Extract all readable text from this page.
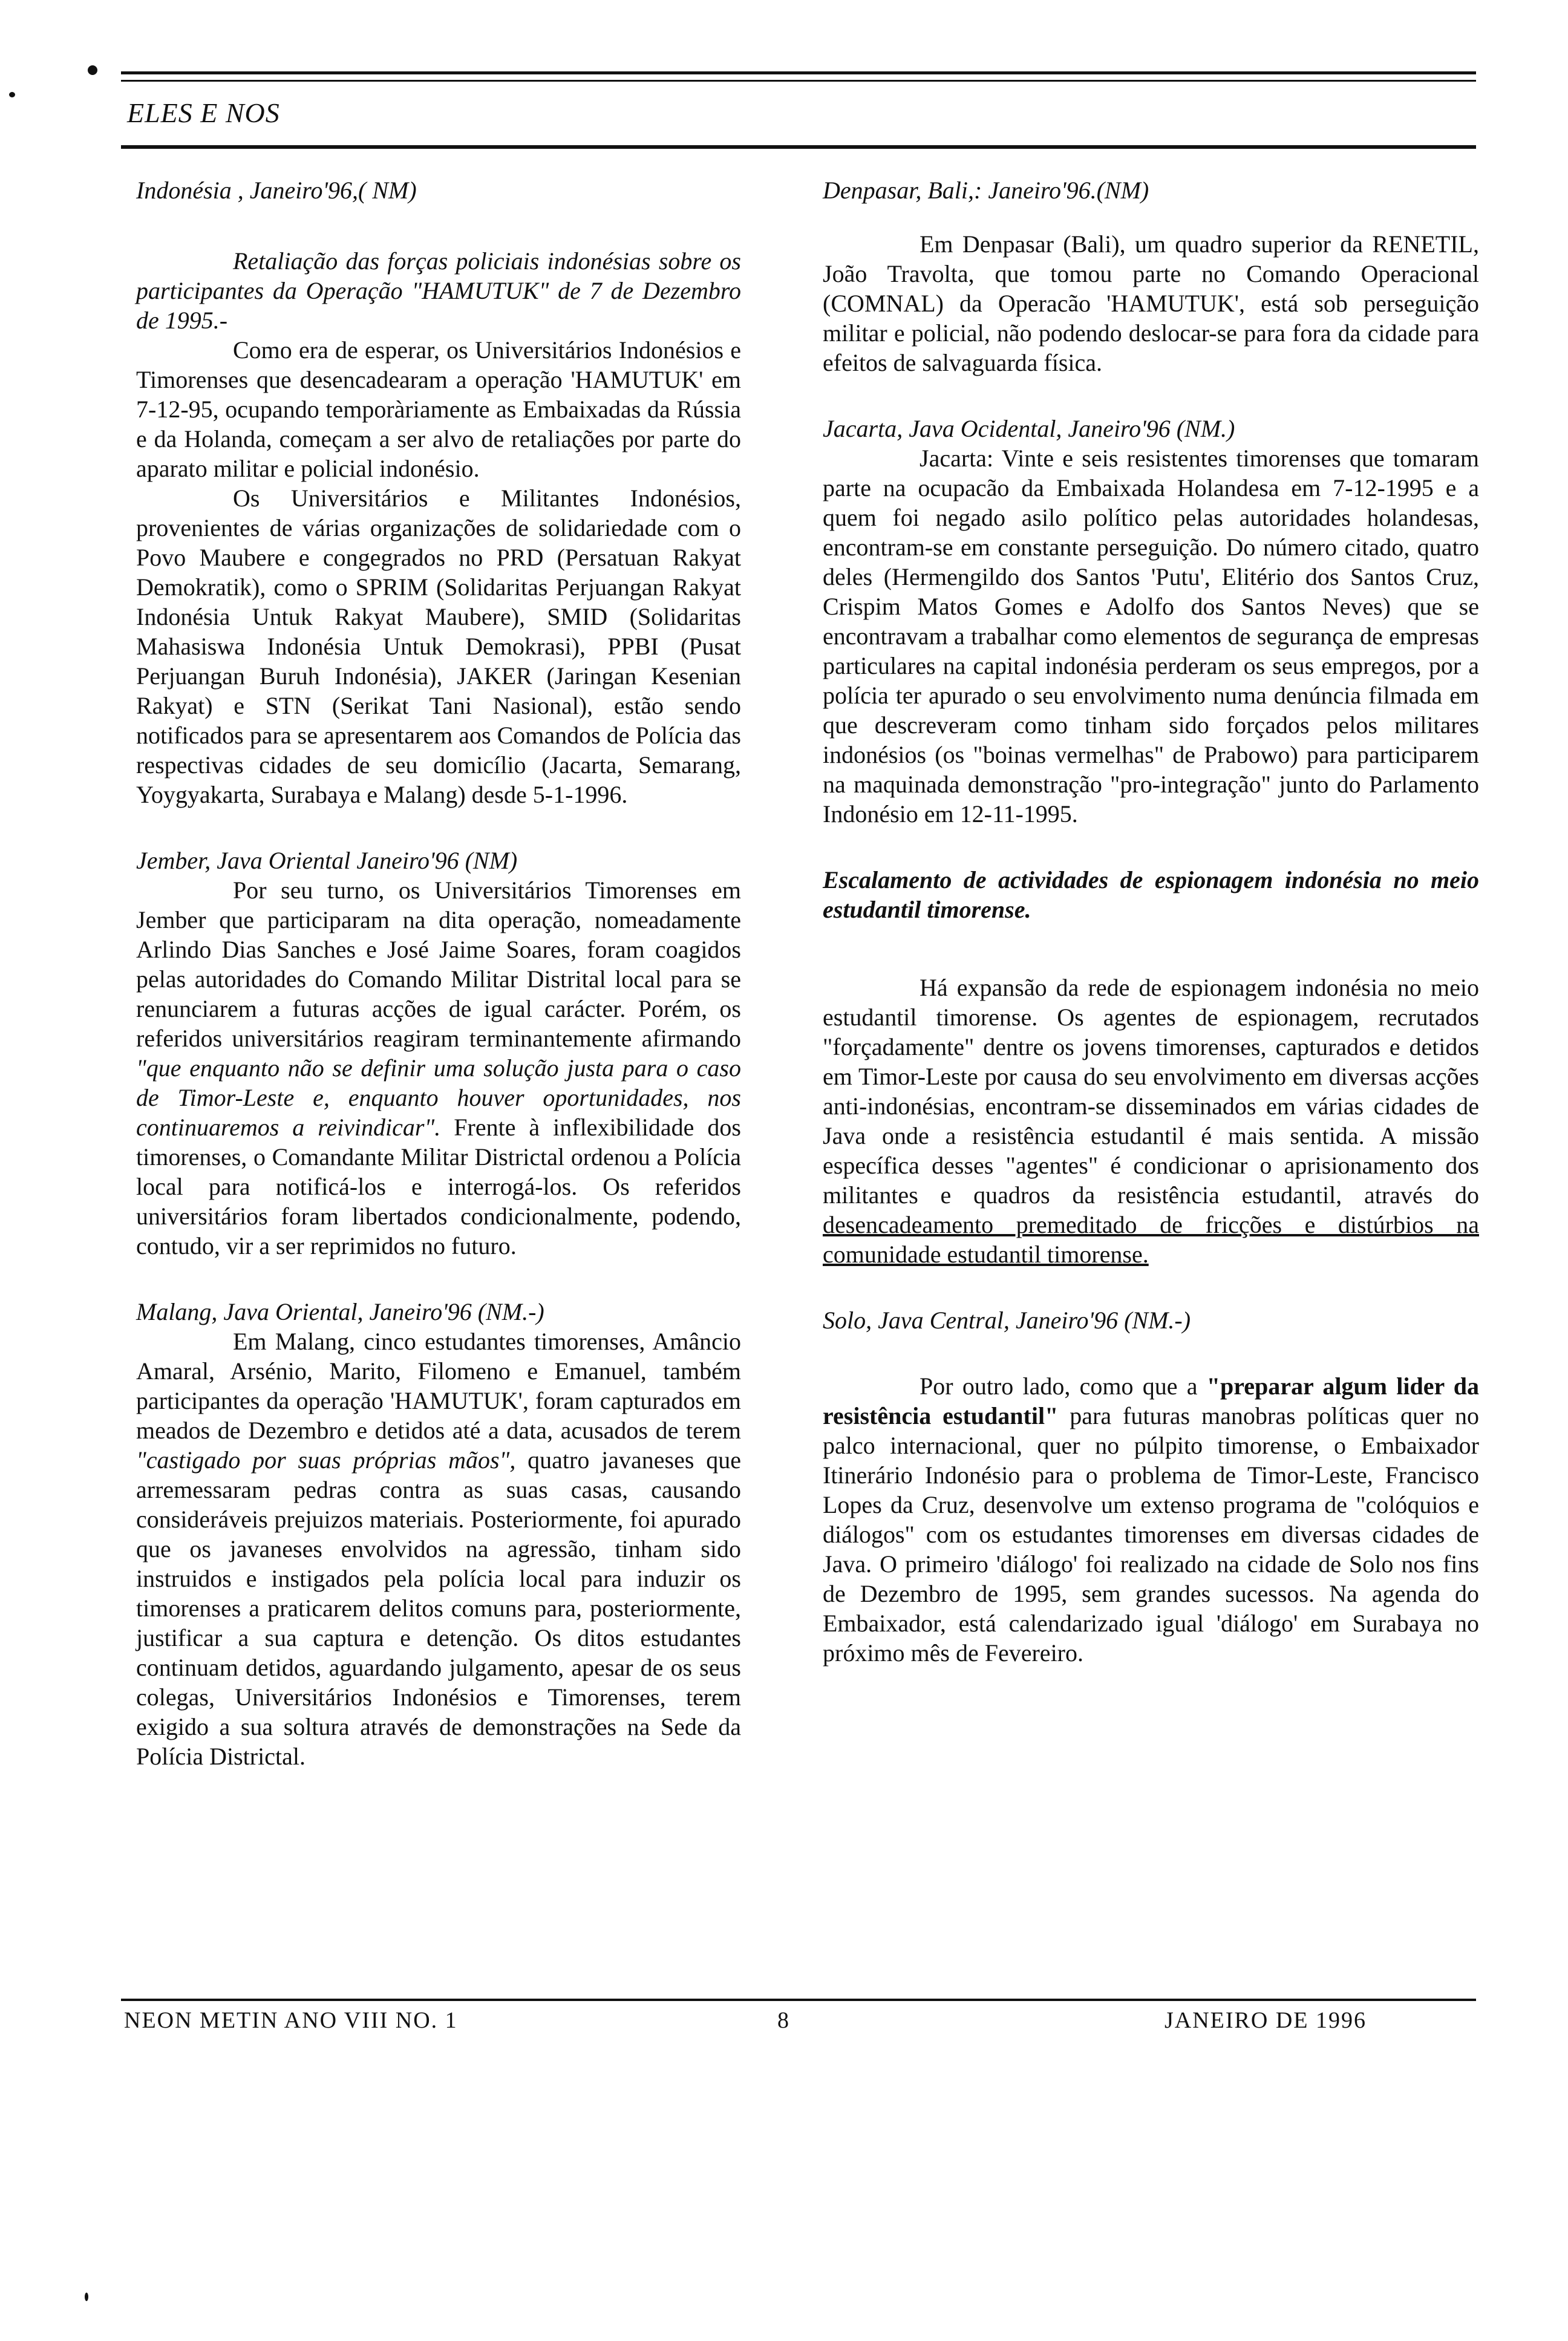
ELES E NOS
Indonésia , Janeiro'96,( NM)

Retaliação das forças policiais indonésias sobre os participantes da Operação "HAMUTUK" de 7 de Dezembro de 1995.-

Como era de esperar, os Universitários Indonésios e Timorenses que desencadearam a operação 'HAMUTUK' em 7-12-95, ocupando temporàriamente as Embaixadas da Rússia e da Holanda, começam a ser alvo de retaliações por parte do aparato militar e policial indonésio.

Os Universitários e Militantes Indonésios, provenientes de várias organizações de solidariedade com o Povo Maubere e congegrados no PRD (Persatuan Rakyat Demokratik), como o SPRIM (Solidaritas Perjuangan Rakyat Indonésia Untuk Rakyat Maubere), SMID (Solidaritas Mahasiswa Indonésia Untuk Demokrasi), PPBI (Pusat Perjuangan Buruh Indonésia), JAKER (Jaringan Kesenian Rakyat) e STN (Serikat Tani Nasional), estão sendo notificados para se apresentarem aos Comandos de Polícia das respectivas cidades de seu domicílio (Jacarta, Semarang, Yoygyakarta, Surabaya e Malang) desde 5-1-1996.

Jember, Java Oriental Janeiro'96 (NM)

Por seu turno, os Universitários Timorenses em Jember que participaram na dita operação, nomeadamente Arlindo Dias Sanches e José Jaime Soares, foram coagidos pelas autoridades do Comando Militar Distrital local para se renunciarem a futuras acções de igual carácter. Porém, os referidos universitários reagiram terminantemente afirmando "que enquanto não se definir uma solução justa para o caso de Timor-Leste e, enquanto houver oportunidades, nos continuaremos a reivindicar". Frente à inflexibilidade dos timorenses, o Comandante Militar Districtal ordenou a Polícia local para notificá-los e interrogá-los. Os referidos universitários foram libertados condicionalmente, podendo, contudo, vir a ser reprimidos no futuro.

Malang, Java Oriental, Janeiro'96 (NM.-)

Em Malang, cinco estudantes timorenses, Amâncio Amaral, Arsénio, Marito, Filomeno e Emanuel, também participantes da operação 'HAMUTUK', foram capturados em meados de Dezembro e detidos até a data, acusados de terem "castigado por suas próprias mãos", quatro javaneses que arremessaram pedras contra as suas casas, causando consideráveis prejuizos materiais. Posteriormente, foi apurado que os javaneses envolvidos na agressão, tinham sido instruidos e instigados pela polícia local para induzir os timorenses a praticarem delitos comuns para, posteriormente, justificar a sua captura e detenção. Os ditos estudantes continuam detidos, aguardando julgamento, apesar de os seus colegas, Universitários Indonésios e Timorenses, terem exigido a sua soltura através de demonstrações na Sede da Polícia Districtal.

Denpasar, Bali,: Janeiro'96.(NM)

Em Denpasar (Bali), um quadro superior da RENETIL, João Travolta, que tomou parte no Comando Operacional (COMNAL) da Operacão 'HAMUTUK', está sob perseguição militar e policial, não podendo deslocar-se para fora da cidade para efeitos de salvaguarda física.

Jacarta, Java Ocidental, Janeiro'96 (NM.)

Jacarta: Vinte e seis resistentes timorenses que tomaram parte na ocupacão da Embaixada Holandesa em 7-12-1995 e a quem foi negado asilo político pelas autoridades holandesas, encontram-se em constante perseguição. Do número citado, quatro deles (Hermengildo dos Santos 'Putu', Elitério dos Santos Cruz, Crispim Matos Gomes e Adolfo dos Santos Neves) que se encontravam a trabalhar como elementos de segurança de empresas particulares na capital indonésia perderam os seus empregos, por a polícia ter apurado o seu envolvimento numa denúncia filmada em que descreveram como tinham sido forçados pelos militares indonésios (os "boinas vermelhas" de Prabowo) para participarem na maquinada demonstração "pro-integração" junto do Parlamento Indonésio em 12-11-1995.

Escalamento de actividades de espionagem indonésia no meio estudantil timorense.

Há expansão da rede de espionagem indonésia no meio estudantil timorense. Os agentes de espionagem, recrutados "forçadamente" dentre os jovens timorenses, capturados e detidos em Timor-Leste por causa do seu envolvimento em diversas acções anti-indonésias, encontram-se disseminados em várias cidades de Java onde a resistência estudantil é mais sentida. A missão específica desses "agentes" é condicionar o aprisionamento dos militantes e quadros da resistência estudantil, através do desencadeamento premeditado de fricções e distúrbios na comunidade estudantil timorense.

Solo, Java Central, Janeiro'96 (NM.-)

Por outro lado, como que a "preparar algum lider da resistência estudantil" para futuras manobras políticas quer no palco internacional, quer no púlpito timorense, o Embaixador Itinerário Indonésio para o problema de Timor-Leste, Francisco Lopes da Cruz, desenvolve um extenso programa de "colóquios e diálogos" com os estudantes timorenses em diversas cidades de Java. O primeiro 'diálogo' foi realizado na cidade de Solo nos fins de Dezembro de 1995, sem grandes sucessos. Na agenda do Embaixador, está calendarizado igual 'diálogo' em Surabaya no próximo mês de Fevereiro.

NEON METIN ANO VIII NO. 1	8	JANEIRO DE 1996
